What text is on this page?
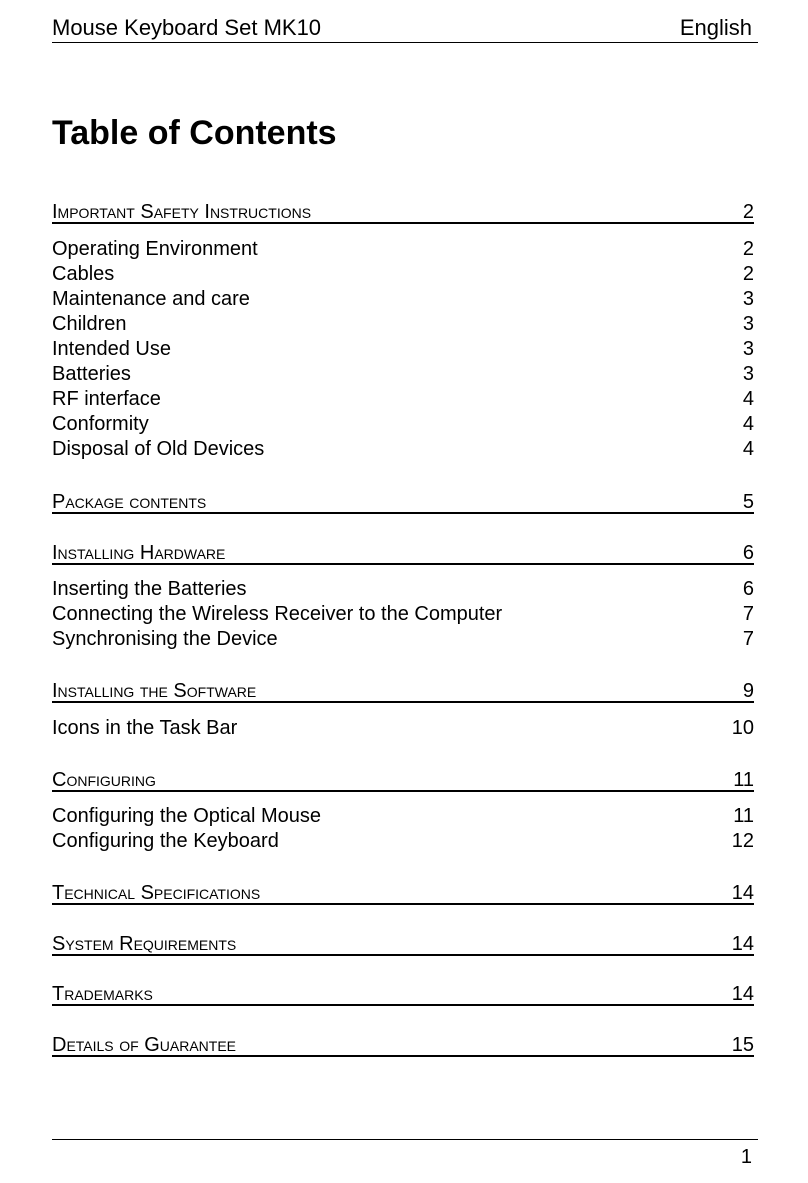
Mouse Keyboard Set MK10	English
Table of Contents
Important Safety Instructions	2
Operating Environment	2
Cables	2
Maintenance and care	3
Children	3
Intended Use	3
Batteries	3
RF interface	4
Conformity	4
Disposal of Old Devices	4
Package contents	5
Installing Hardware	6
Inserting the Batteries	6
Connecting the Wireless Receiver to the Computer	7
Synchronising the Device	7
Installing the Software	9
Icons in the Task Bar	10
Configuring	11
Configuring the Optical Mouse	11
Configuring the Keyboard	12
Technical Specifications	14
System Requirements	14
Trademarks	14
Details of Guarantee	15
1
